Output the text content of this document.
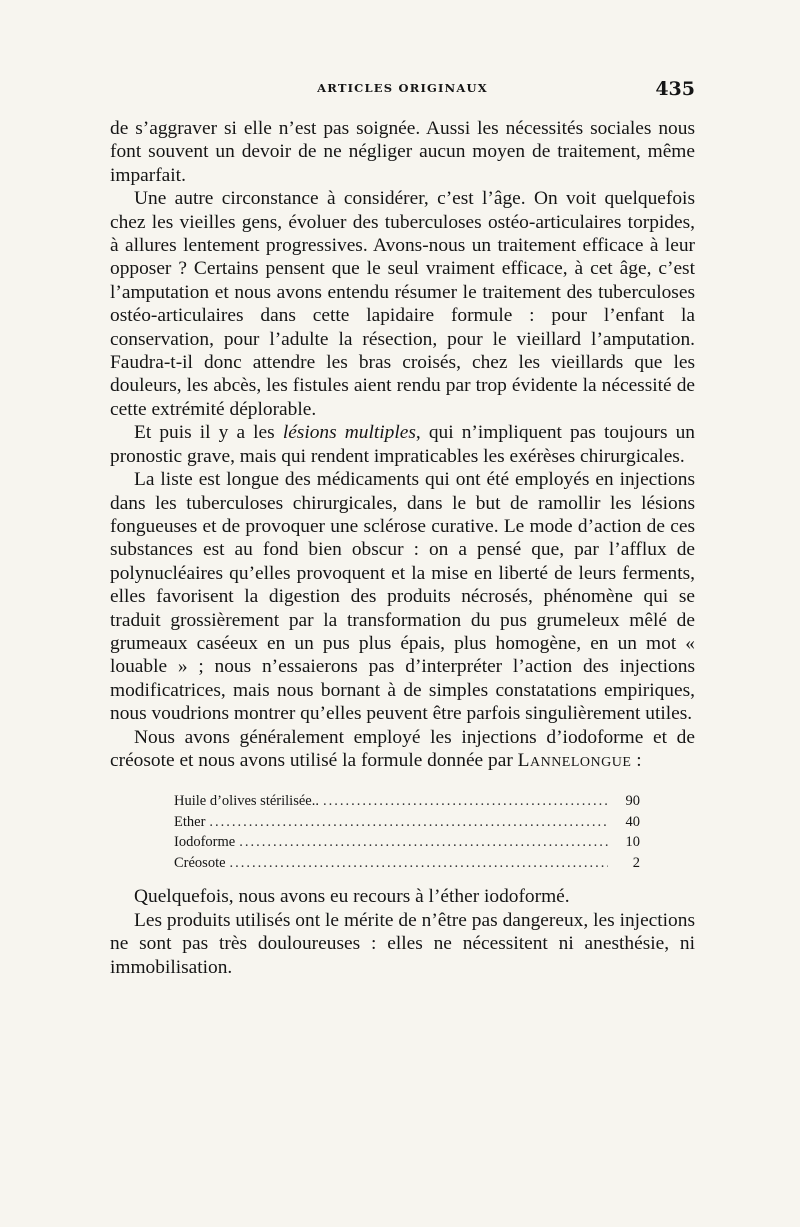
ARTICLES ORIGINAUX	435

de s’aggraver si elle n’est pas soignée. Aussi les nécessités sociales nous font souvent un devoir de ne négliger aucun moyen de traitement, même imparfait.

Une autre circonstance à considérer, c’est l’âge. On voit quelquefois chez les vieilles gens, évoluer des tuberculoses ostéo-articulaires torpides, à allures lentement progressives. Avons-nous un traitement efficace à leur opposer ? Certains pensent que le seul vraiment efficace, à cet âge, c’est l’amputation et nous avons entendu résumer le traitement des tuberculoses ostéo-articulaires dans cette lapidaire formule : pour l’enfant la conservation, pour l’adulte la résection, pour le vieillard l’amputation. Faudra-t-il donc attendre les bras croisés, chez les vieillards que les douleurs, les abcès, les fistules aient rendu par trop évidente la nécessité de cette extrémité déplorable.

Et puis il y a les lésions multiples, qui n’impliquent pas toujours un pronostic grave, mais qui rendent impraticables les exérèses chirurgicales.

La liste est longue des médicaments qui ont été employés en injections dans les tuberculoses chirurgicales, dans le but de ramollir les lésions fongueuses et de provoquer une sclérose curative. Le mode d’action de ces substances est au fond bien obscur : on a pensé que, par l’afflux de polynucléaires qu’elles provoquent et la mise en liberté de leurs ferments, elles favorisent la digestion des produits nécrosés, phénomène qui se traduit grossièrement par la transformation du pus grumeleux mêlé de grumeaux caséeux en un pus plus épais, plus homogène, en un mot « louable » ; nous n’essaierons pas d’interpréter l’action des injections modificatrices, mais nous bornant à de simples constatations empiriques, nous voudrions montrer qu’elles peuvent être parfois singulièrement utiles.

Nous avons généralement employé les injections d’iodoforme et de créosote et nous avons utilisé la formule donnée par Lannelongue :

Huile d’olives stérilisée.. .....	90
Ether .....	40
Iodoforme .....	10
Créosote .....	2

Quelquefois, nous avons eu recours à l’éther iodoformé.

Les produits utilisés ont le mérite de n’être pas dangereux, les injections ne sont pas très douloureuses : elles ne nécessitent ni anesthésie, ni immobilisation.
